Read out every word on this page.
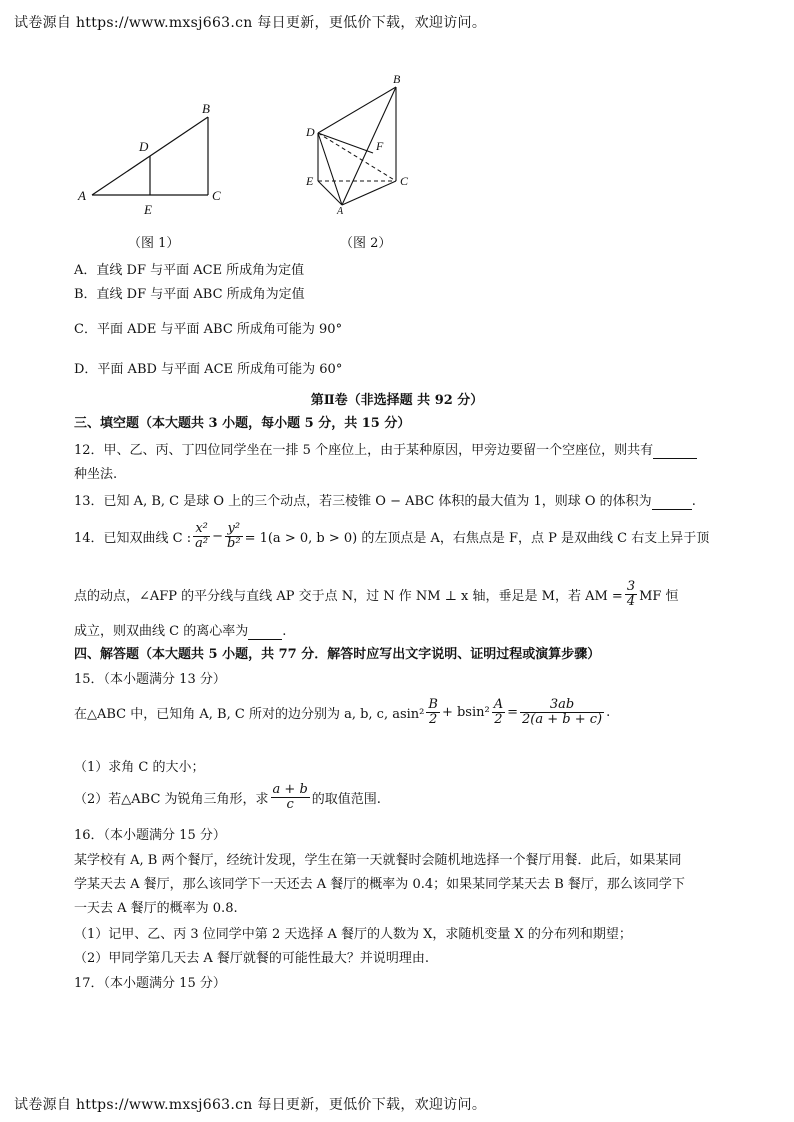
试卷源自 https://www.mxsj663.cn 每日更新，更低价下载，欢迎访问。
A
B
C
D
E
（图 1）
B
D
F
E	C
A
（图 2）
A．直线 DF 与平面 ACE 所成角为定值
B．直线 DF 与平面 ABC 所成角为定值
C．平面 ADE 与平面 ABC 所成角可能为 90°
D．平面 ABD 与平面 ACE 所成角可能为 60°
第Ⅱ卷（非选择题 共 92 分）
三、填空题（本大题共 3 小题，每小题 5 分，共 15 分）
12．甲、乙、丙、丁四位同学坐在一排 5 个座位上，由于某种原因，甲旁边要留一个空座位，则共有
种坐法.
13．已知 A, B, C 是球 O 上的三个动点，若三棱锥 O − ABC 体积的最大值为 1，则球 O 的体积为	.
14．已知双曲线 C : $\frac{\text{x²}}{\text{a²}} - \frac{\text{y²}}{\text{b²}} = 1(a > 0$, b > 0) 的左顶点是 A，右焦点是 F，点 P 是双曲线 C 右支上异于顶
点的动点，∠AFP 的平分线与直线 AP 交于点 N，过 N 作 NM ⊥ x 轴，垂足是 M，若 AM = $\frac{3}{4}$ MF 恒
成立，则双曲线 C 的离心率为	.
四、解答题（本大题共 5 小题，共 77 分．解答时应写出文字说明、证明过程或演算步骤）
15．（本小题满分 13 分）
在△ABC 中，已知角 A, B, C 所对的边分别为 a, b, c, $asin^2 \frac{B}{2} + bsin^2 \frac{A}{2} = \frac{3ab}{2(a + b + c)}$ .
（1）求角 C 的大小；
（2）若△ABC 为锐角三角形，求 $\frac{a + b}{c}$ 的取值范围.
16．（本小题满分 15 分）
某学校有 A, B 两个餐厅，经统计发现，学生在第一天就餐时会随机地选择一个餐厅用餐．此后，如果某同
学某天去 A 餐厅，那么该同学下一天还去 A 餐厅的概率为 0.4；如果某同学某天去 B 餐厅，那么该同学下
一天去 A 餐厅的概率为 0.8.
（1）记甲、乙、丙 3 位同学中第 2 天选择 A 餐厅的人数为 X，求随机变量 X 的分布列和期望；
（2）甲同学第几天去 A 餐厅就餐的可能性最大？并说明理由.
17．（本小题满分 15 分）
试卷源自 https://www.mxsj663.cn 每日更新，更低价下载，欢迎访问。
